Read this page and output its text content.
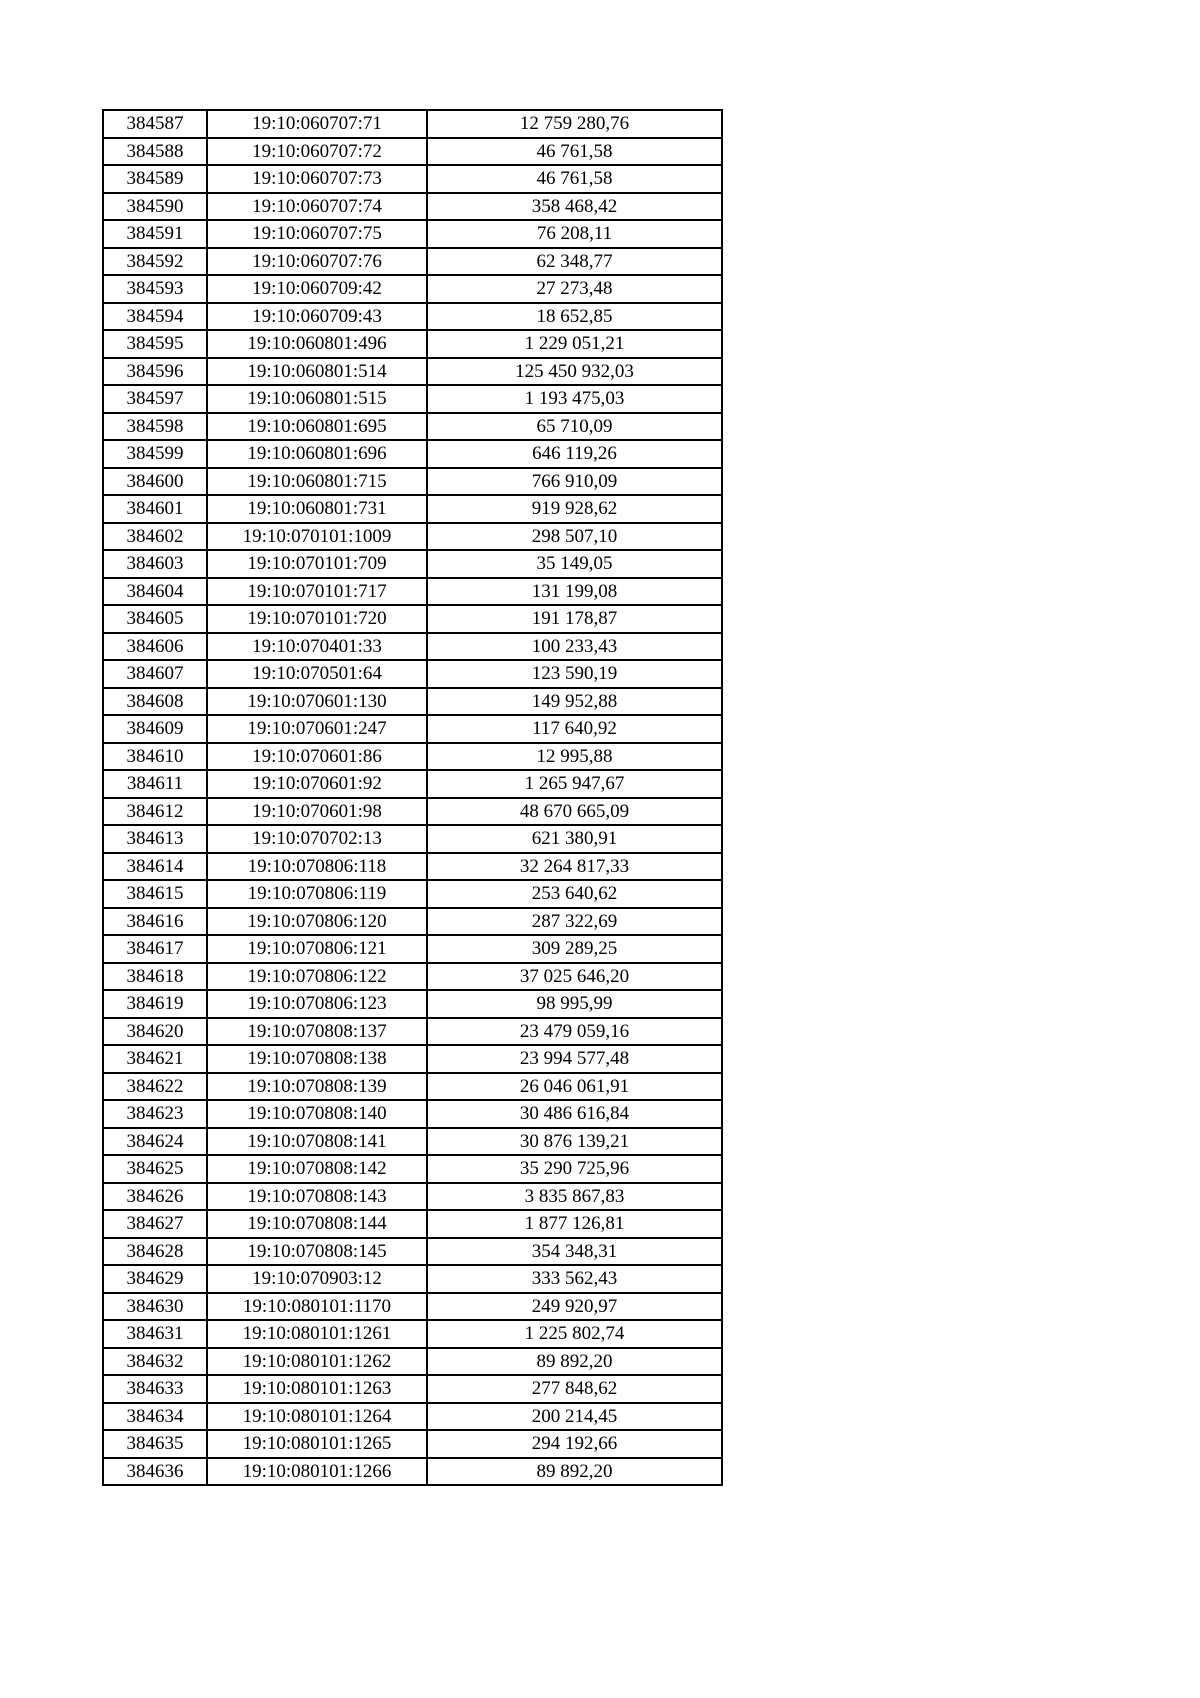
384587	19:10:060707:71	12 759 280,76
384588	19:10:060707:72	46 761,58
384589	19:10:060707:73	46 761,58
384590	19:10:060707:74	358 468,42
384591	19:10:060707:75	76 208,11
384592	19:10:060707:76	62 348,77
384593	19:10:060709:42	27 273,48
384594	19:10:060709:43	18 652,85
384595	19:10:060801:496	1 229 051,21
384596	19:10:060801:514	125 450 932,03
384597	19:10:060801:515	1 193 475,03
384598	19:10:060801:695	65 710,09
384599	19:10:060801:696	646 119,26
384600	19:10:060801:715	766 910,09
384601	19:10:060801:731	919 928,62
384602	19:10:070101:1009	298 507,10
384603	19:10:070101:709	35 149,05
384604	19:10:070101:717	131 199,08
384605	19:10:070101:720	191 178,87
384606	19:10:070401:33	100 233,43
384607	19:10:070501:64	123 590,19
384608	19:10:070601:130	149 952,88
384609	19:10:070601:247	117 640,92
384610	19:10:070601:86	12 995,88
384611	19:10:070601:92	1 265 947,67
384612	19:10:070601:98	48 670 665,09
384613	19:10:070702:13	621 380,91
384614	19:10:070806:118	32 264 817,33
384615	19:10:070806:119	253 640,62
384616	19:10:070806:120	287 322,69
384617	19:10:070806:121	309 289,25
384618	19:10:070806:122	37 025 646,20
384619	19:10:070806:123	98 995,99
384620	19:10:070808:137	23 479 059,16
384621	19:10:070808:138	23 994 577,48
384622	19:10:070808:139	26 046 061,91
384623	19:10:070808:140	30 486 616,84
384624	19:10:070808:141	30 876 139,21
384625	19:10:070808:142	35 290 725,96
384626	19:10:070808:143	3 835 867,83
384627	19:10:070808:144	1 877 126,81
384628	19:10:070808:145	354 348,31
384629	19:10:070903:12	333 562,43
384630	19:10:080101:1170	249 920,97
384631	19:10:080101:1261	1 225 802,74
384632	19:10:080101:1262	89 892,20
384633	19:10:080101:1263	277 848,62
384634	19:10:080101:1264	200 214,45
384635	19:10:080101:1265	294 192,66
384636	19:10:080101:1266	89 892,20
